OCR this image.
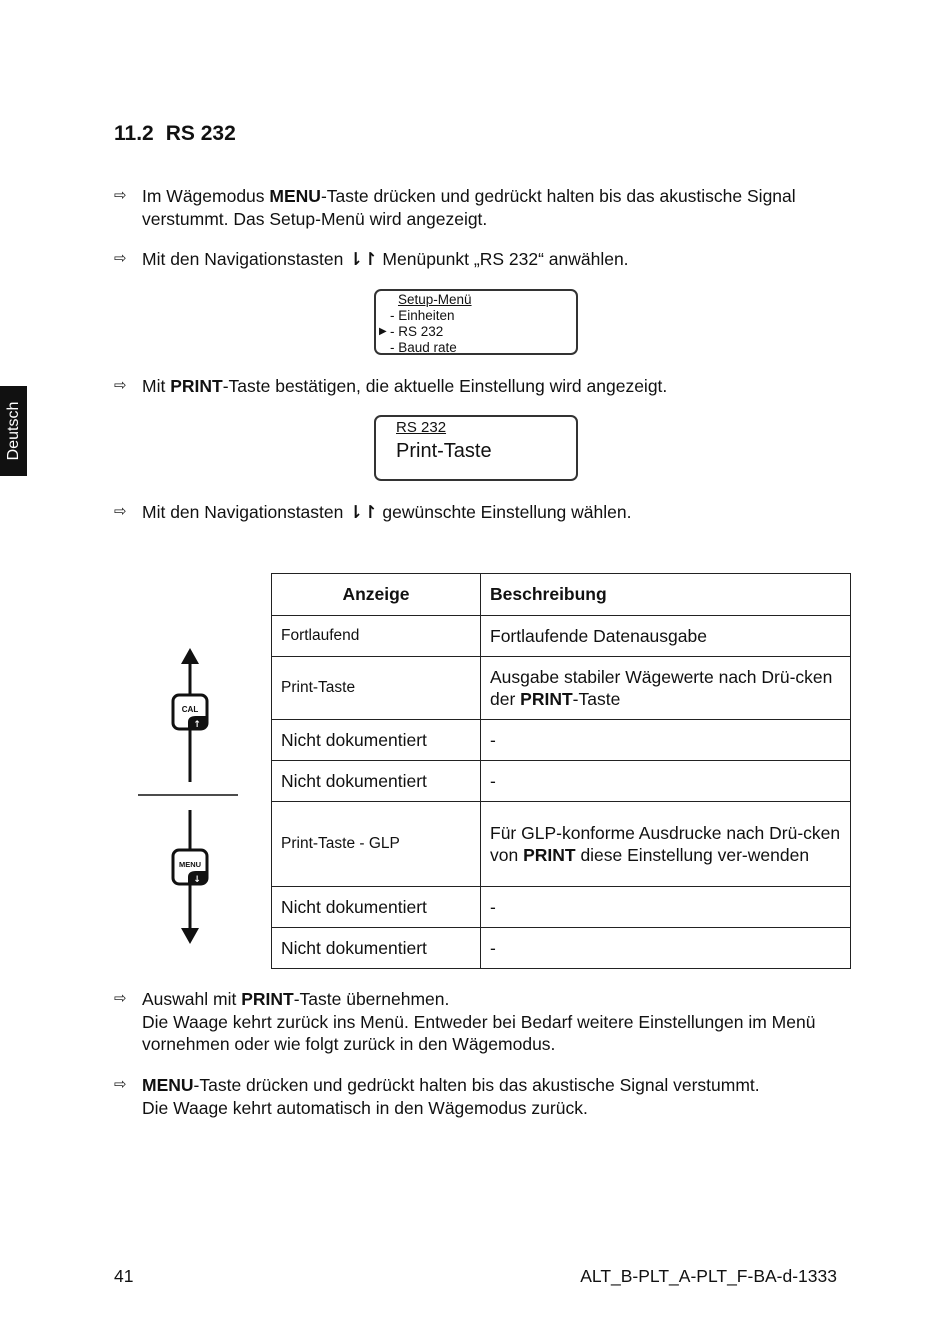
11.2 RS 232
Deutsch
⇨ Im Wägemodus MENU-Taste drücken und gedrückt halten bis das akustische Signal verstummt. Das Setup-Menü wird angezeigt.
⇨ Mit den Navigationstasten ⇂↾ Menüpunkt „RS 232“ anwählen.
Setup-Menü
- Einheiten
▶ - RS 232
- Baud rate
⇨ Mit PRINT-Taste bestätigen, die aktuelle Einstellung wird angezeigt.
RS 232
Print-Taste
⇨ Mit den Navigationstasten ⇂↾ gewünschte Einstellung wählen.
CAL
↑
MENU
↓
Anzeige	Beschreibung
Fortlaufend	Fortlaufende Datenausgabe
Print-Taste	Ausgabe stabiler Wägewerte nach Drü-cken der PRINT-Taste
Nicht dokumentiert	-
Nicht dokumentiert	-
Print-Taste - GLP	Für GLP-konforme Ausdrucke nach Drü-cken von PRINT diese Einstellung ver-wenden
Nicht dokumentiert	-
Nicht dokumentiert	-
⇨ Auswahl mit PRINT-Taste übernehmen.
Die Waage kehrt zurück ins Menü. Entweder bei Bedarf weitere Einstellungen im Menü vornehmen oder wie folgt zurück in den Wägemodus.
⇨ MENU-Taste drücken und gedrückt halten bis das akustische Signal verstummt.
Die Waage kehrt automatisch in den Wägemodus zurück.
41	ALT_B-PLT_A-PLT_F-BA-d-1333
